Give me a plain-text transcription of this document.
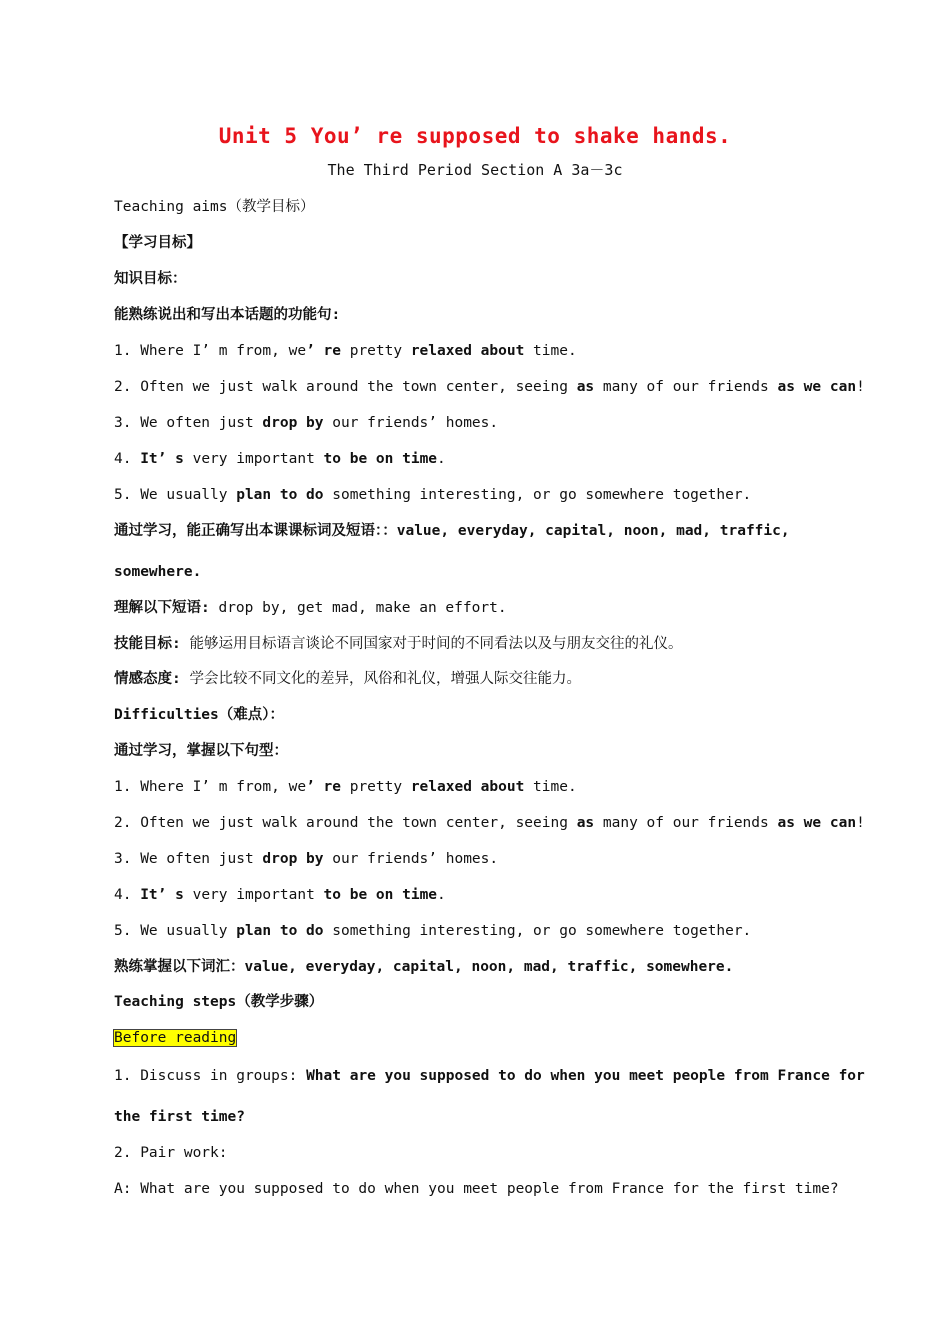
Unit 5 You’ re supposed to shake hands.
The Third Period Section A 3a－3c
Teaching aims（教学目标）
【学习目标】
知识目标：
能熟练说出和写出本话题的功能句:
1. Where I’ m from, we’ re pretty relaxed about time.
2. Often we just walk around the town center, seeing as many of our friends as we can!
3. We often just drop by our friends’ homes.
4. It’ s very important to be on time.
5. We usually plan to do something interesting, or go somewhere together.
通过学习，能正确写出本课课标词及短语：：value, everyday, capital, noon, mad, traffic,
somewhere.
理解以下短语: drop by, get mad, make an effort.
技能目标: 能够运用目标语言谈论不同国家对于时间的不同看法以及与朋友交往的礼仪。
情感态度: 学会比较不同文化的差异，风俗和礼仪，增强人际交往能力。
Difficulties（难点）：
通过学习，掌握以下句型：
1. Where I’ m from, we’ re pretty relaxed about time.
2. Often we just walk around the town center, seeing as many of our friends as we can!
3. We often just drop by our friends’ homes.
4. It’ s very important to be on time.
5. We usually plan to do something interesting, or go somewhere together.
熟练掌握以下词汇：value, everyday, capital, noon, mad, traffic, somewhere.
Teaching steps（教学步骤）
Before reading
1. Discuss in groups: What are you supposed to do when you meet people from France for
the first time?
2. Pair work:
A: What are you supposed to do when you meet people from France for the first time?
